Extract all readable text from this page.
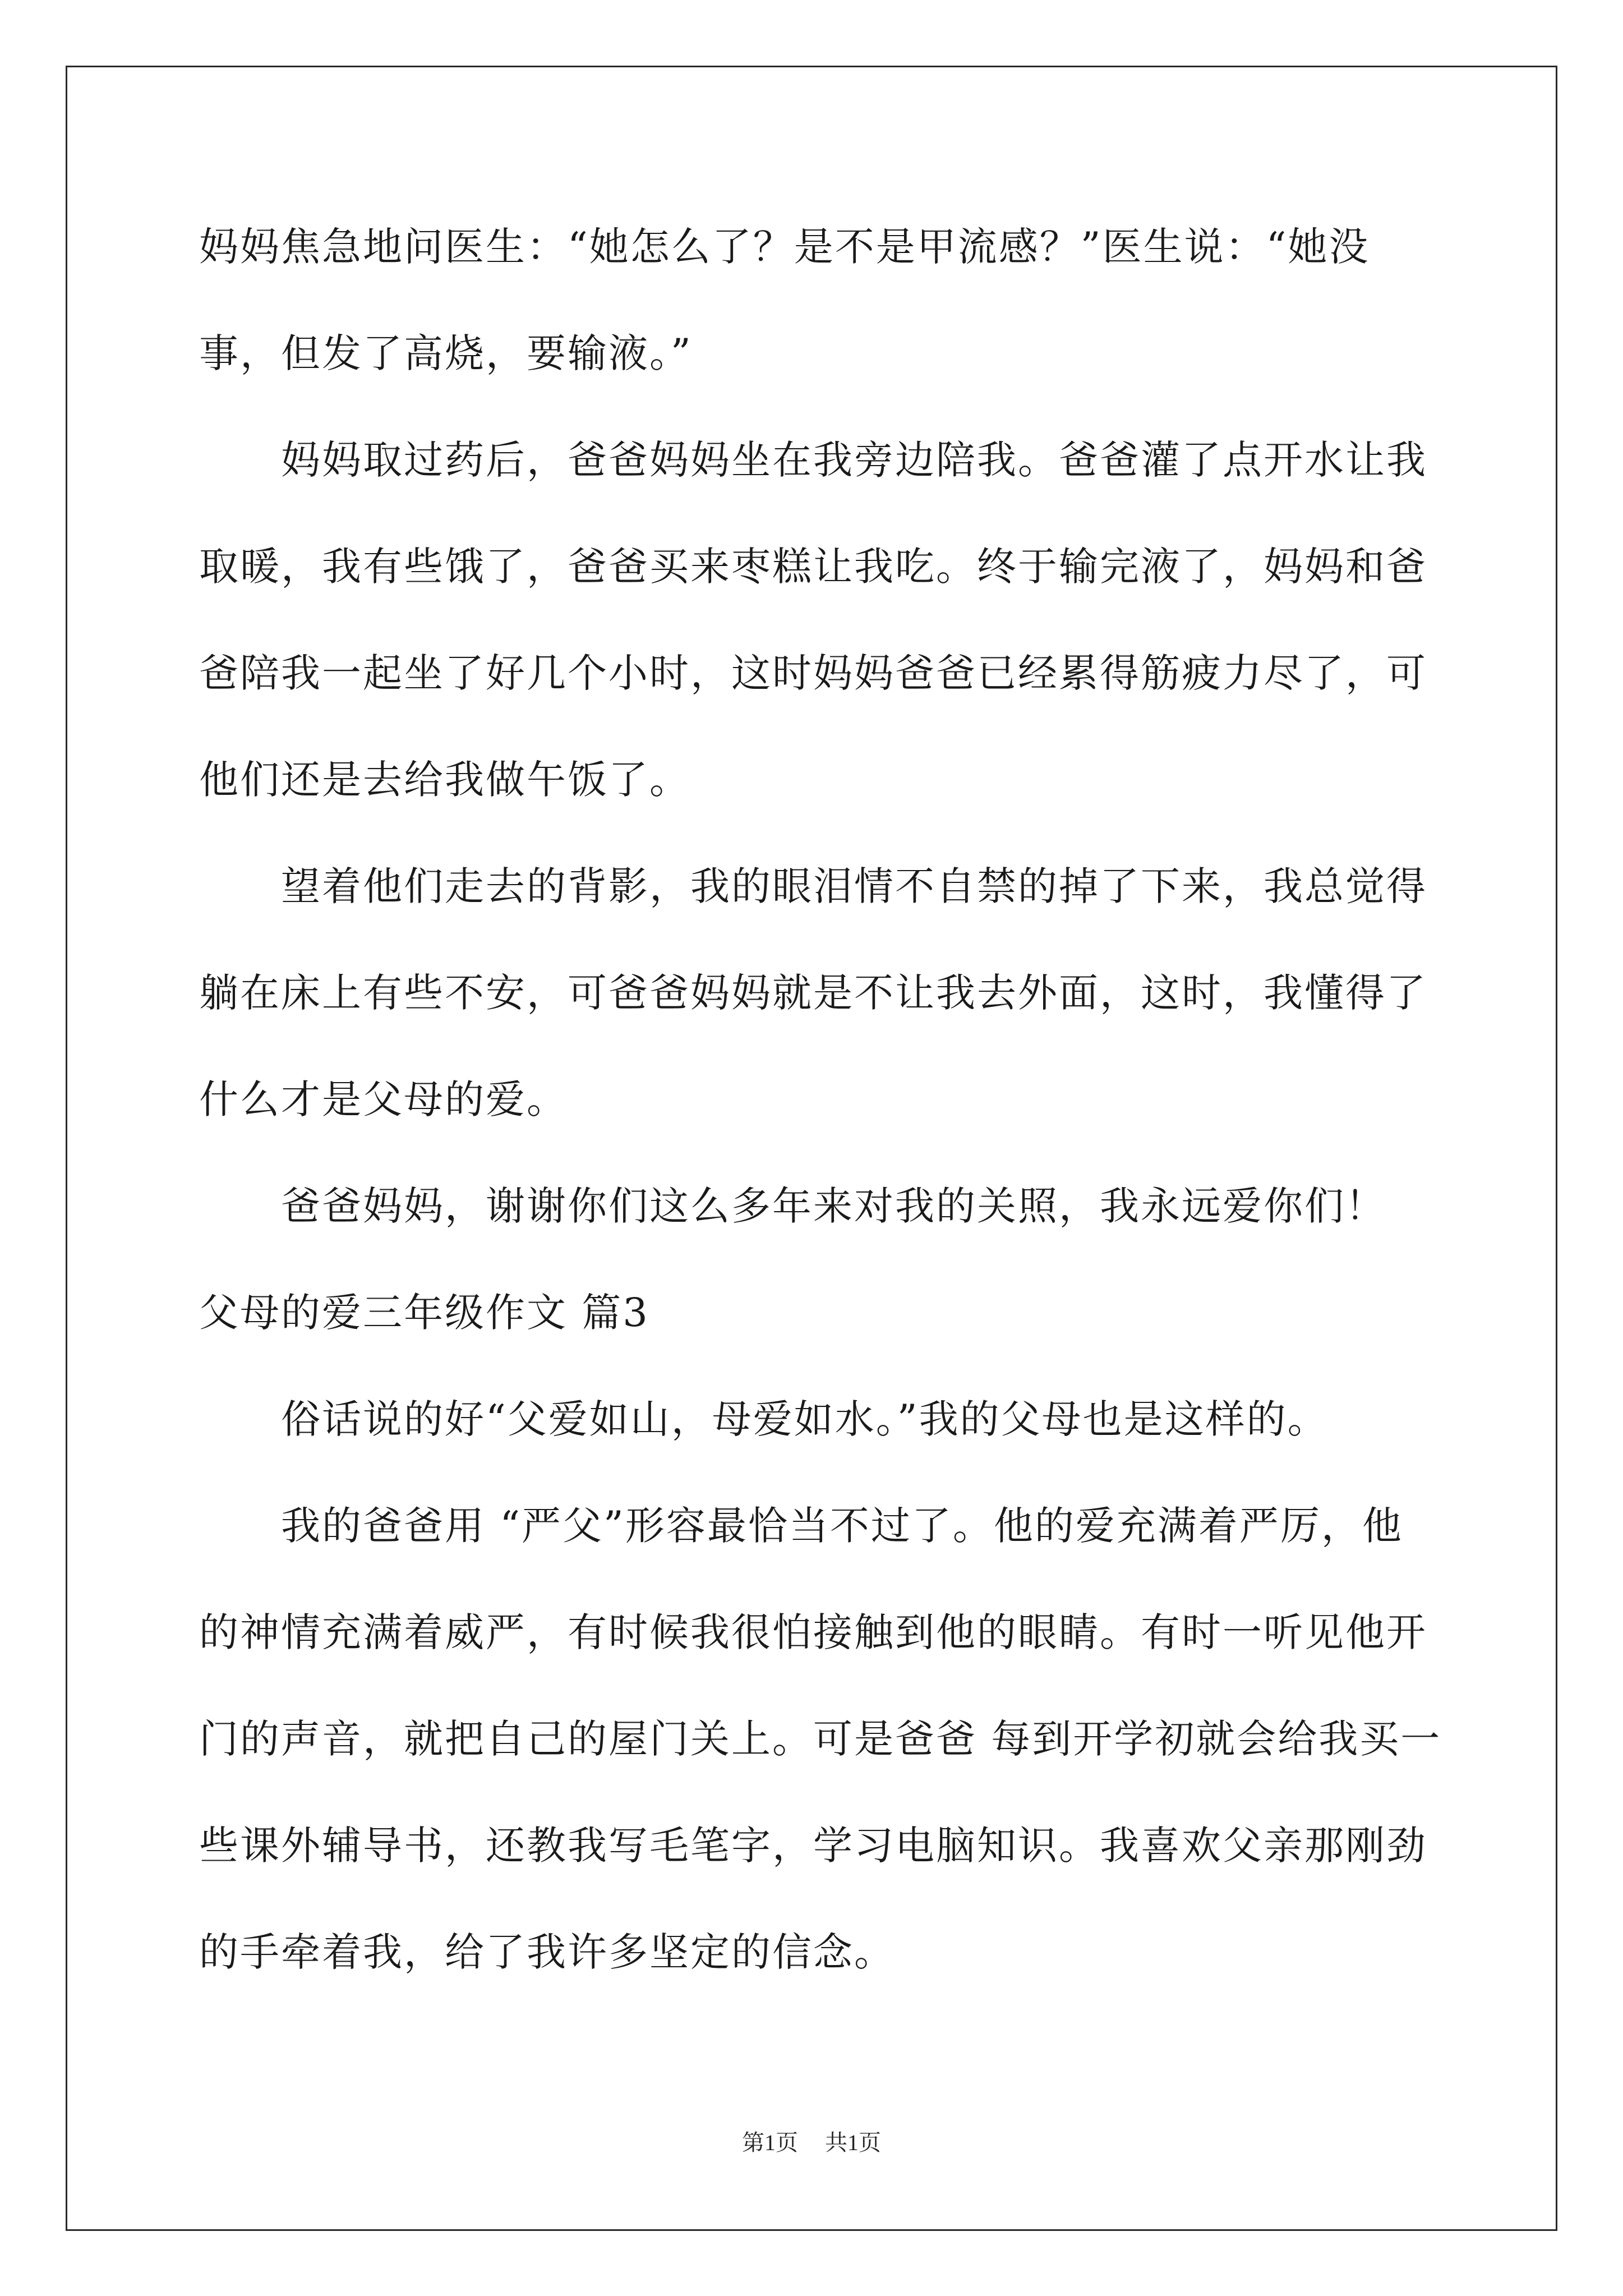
妈妈焦急地问医生：“她怎么了？是不是甲流感？”医生说：“她没
事，但发了高烧，要输液。”
妈妈取过药后，爸爸妈妈坐在我旁边陪我。爸爸灌了点开水让我
取暖，我有些饿了，爸爸买来枣糕让我吃。终于输完液了，妈妈和爸
爸陪我一起坐了好几个小时，这时妈妈爸爸已经累得筋疲力尽了，可
他们还是去给我做午饭了。
望着他们走去的背影，我的眼泪情不自禁的掉了下来，我总觉得
躺在床上有些不安，可爸爸妈妈就是不让我去外面，这时，我懂得了
什么才是父母的爱。
爸爸妈妈，谢谢你们这么多年来对我的关照，我永远爱你们！
父母的爱三年级作文 篇3
俗话说的好“父爱如山，母爱如水。”我的父母也是这样的。
我的爸爸用 “严父”形容最恰当不过了。他的爱充满着严厉，他
的神情充满着威严，有时候我很怕接触到他的眼睛。有时一听见他开
门的声音，就把自己的屋门关上。可是爸爸 每到开学初就会给我买一
些课外辅导书，还教我写毛笔字，学习电脑知识。我喜欢父亲那刚劲
的手牵着我，给了我许多坚定的信念。
第1页 共1页
